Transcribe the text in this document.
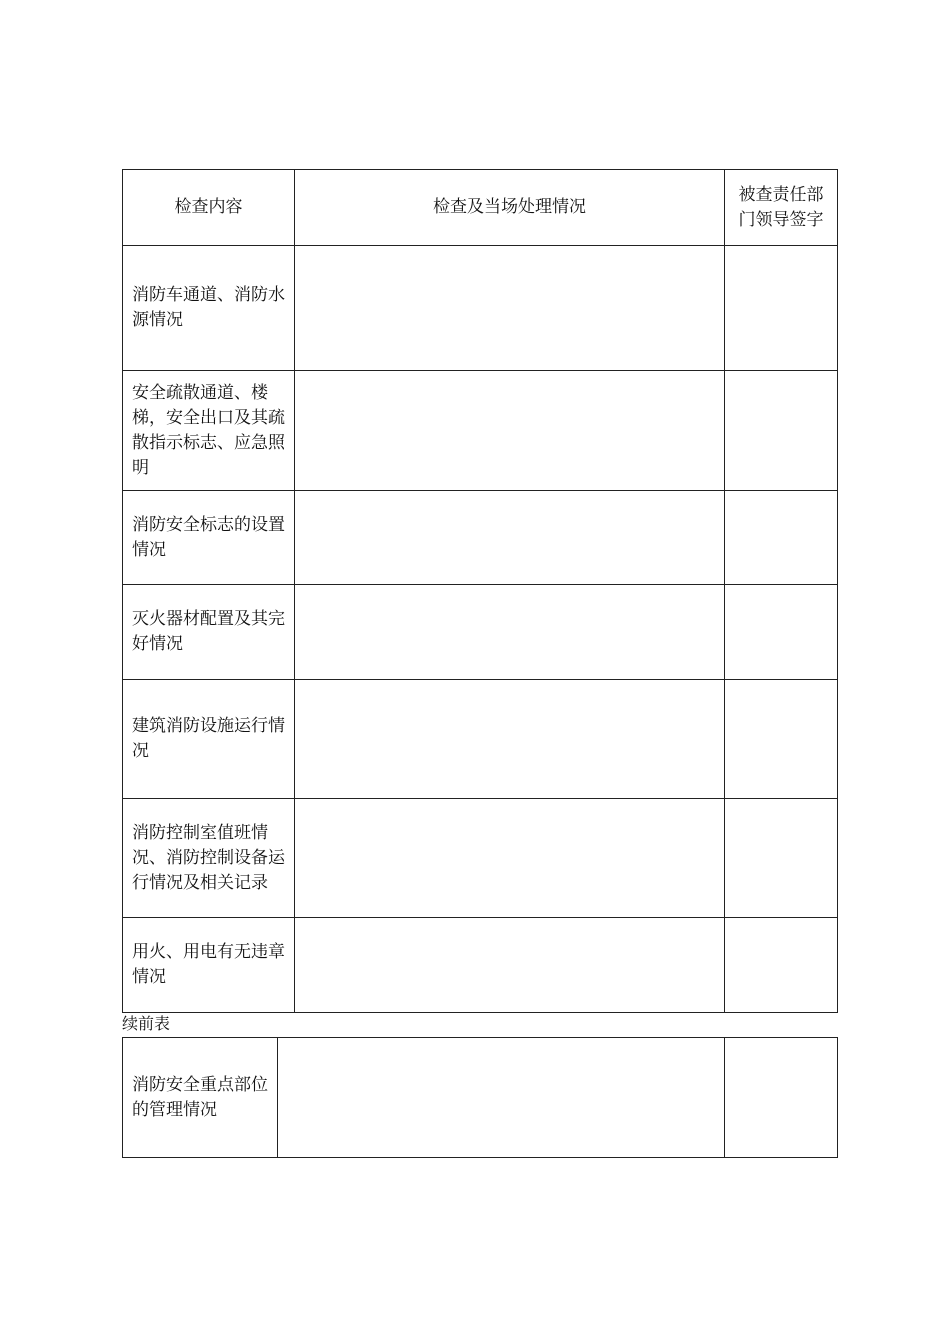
检查内容	检查及当场处理情况	被查责任部门领导签字
消防车通道、消防水源情况		
安全疏散通道、楼梯，安全出口及其疏散指示标志、应急照明		
消防安全标志的设置情况		
灭火器材配置及其完好情况		
建筑消防设施运行情况		
消防控制室值班情况、消防控制设备运行情况及相关记录		
用火、用电有无违章情况		
续前表
消防安全重点部位的管理情况		
